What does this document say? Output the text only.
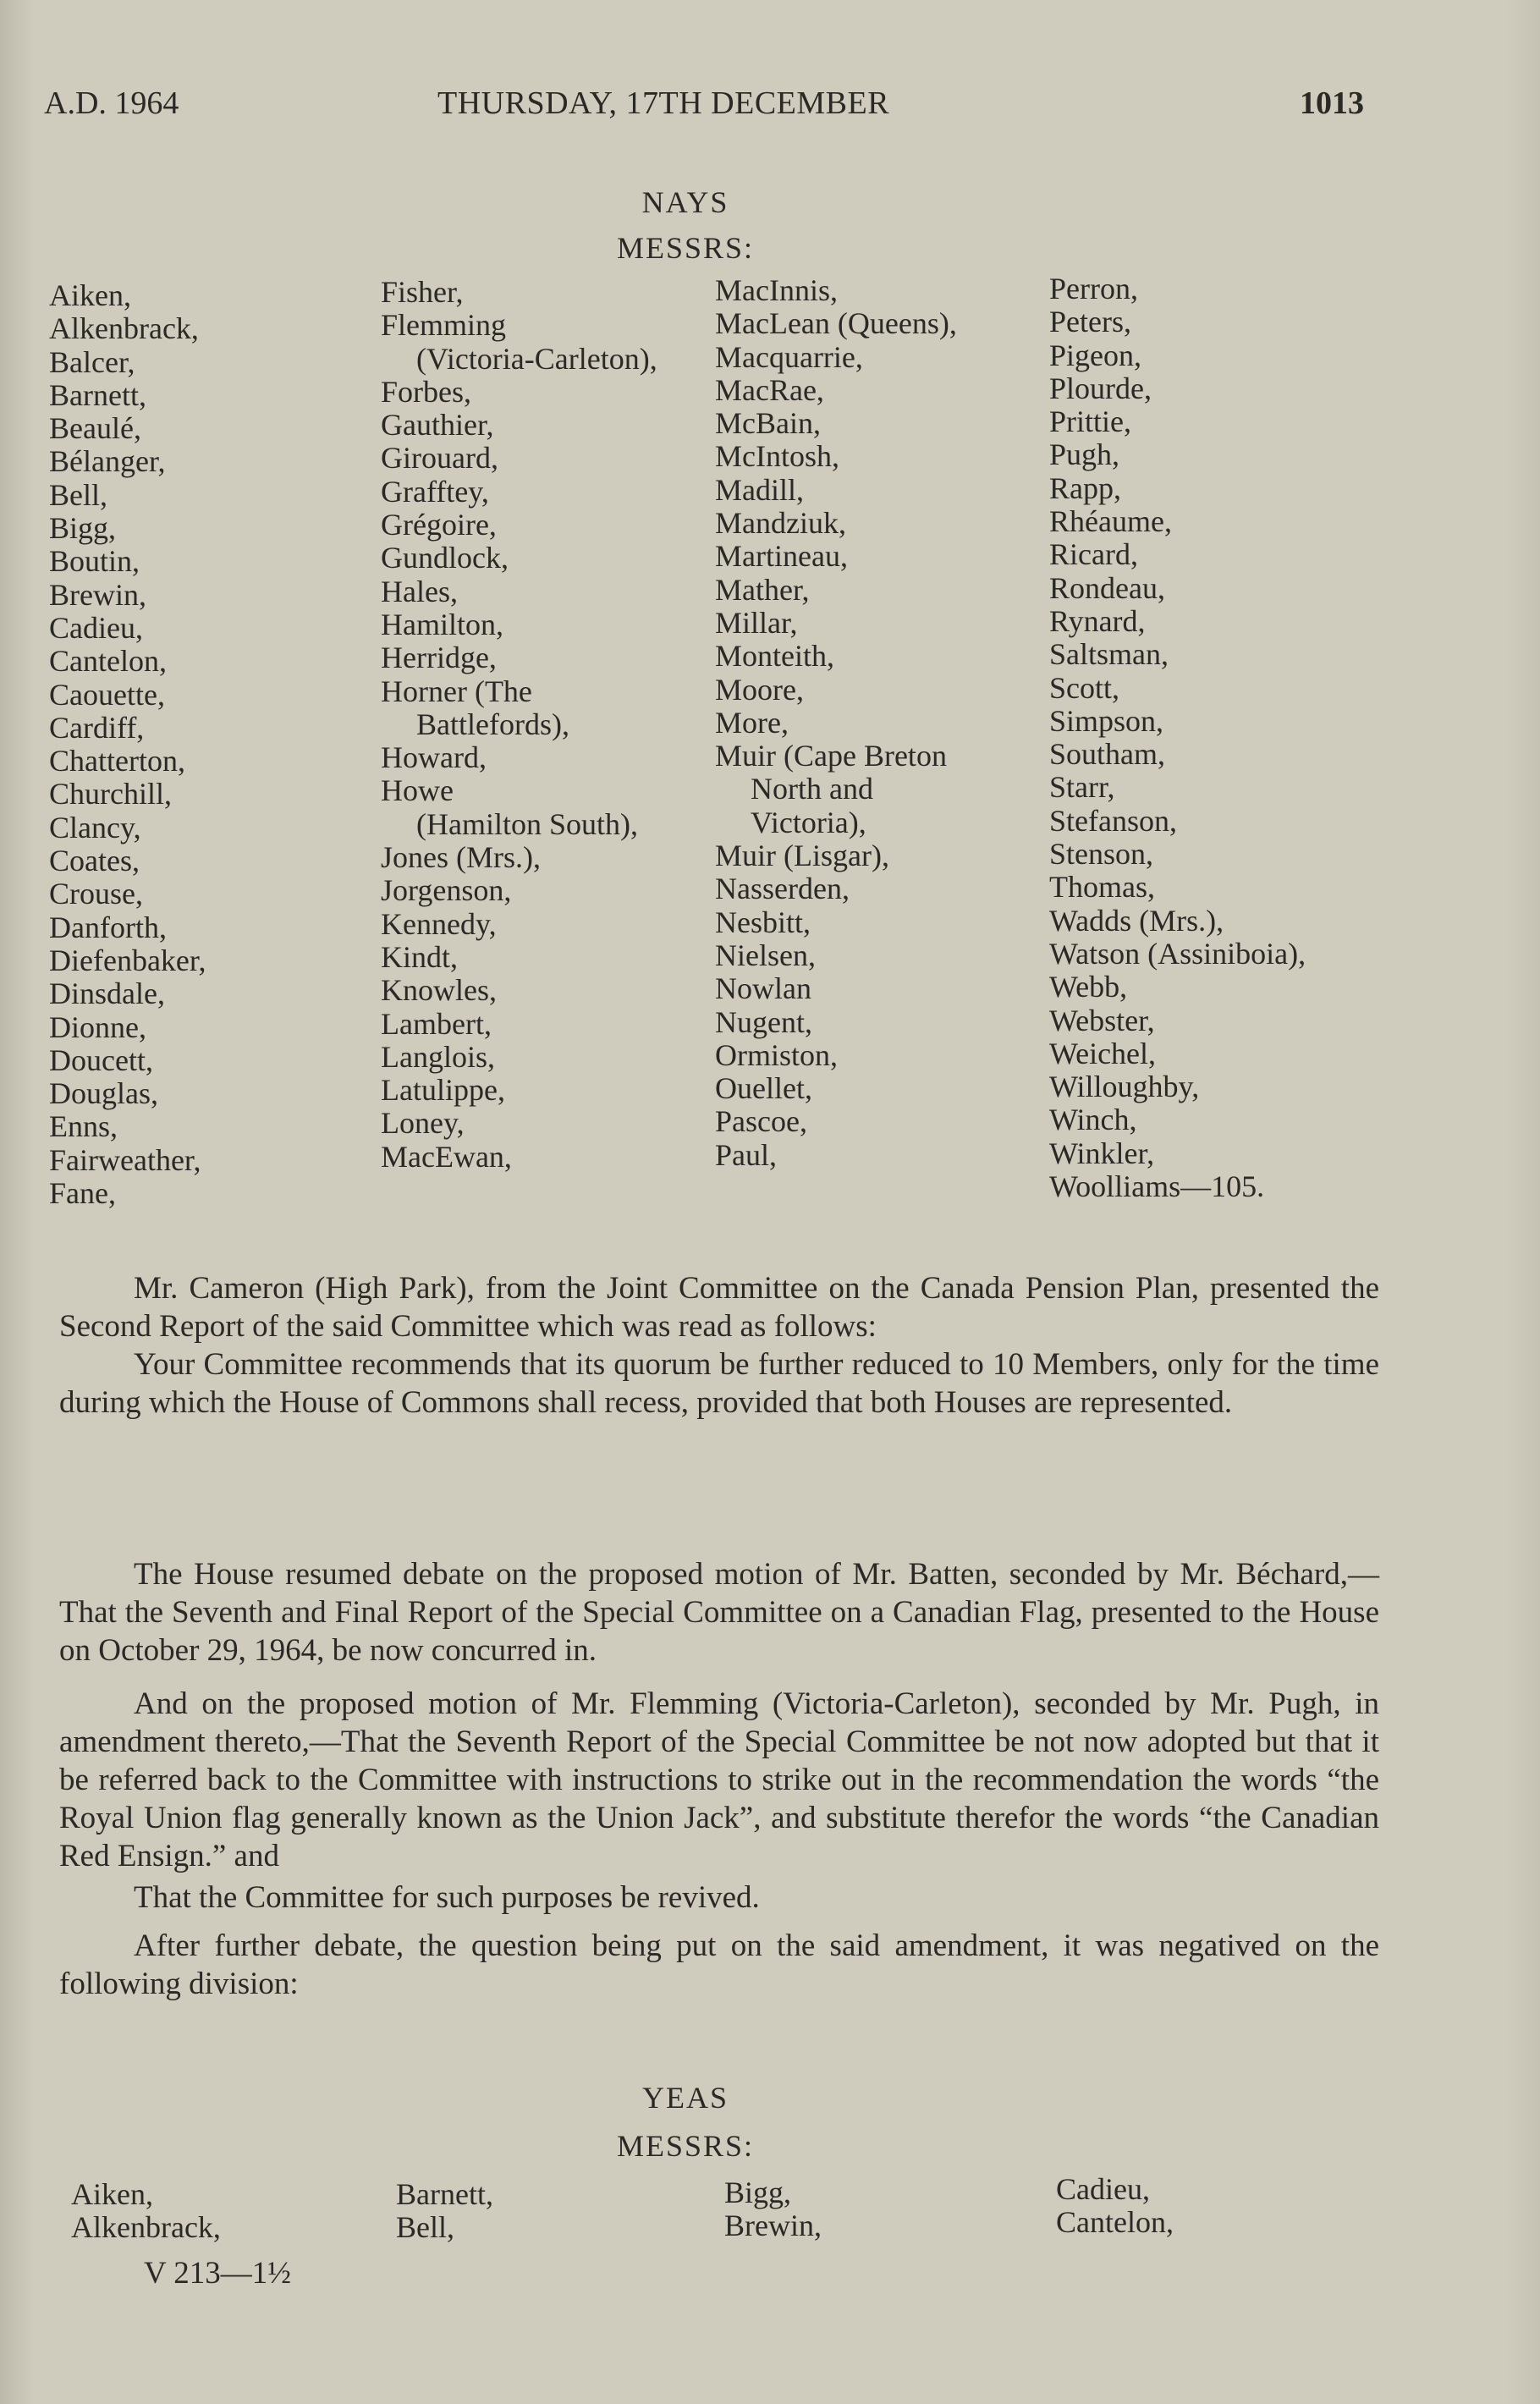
A.D. 1964	THURSDAY, 17TH DECEMBER	1013
NAYS
MESSRS:
Aiken,
Alkenbrack,
Balcer,
Barnett,
Beaulé,
Bélanger,
Bell,
Bigg,
Boutin,
Brewin,
Cadieu,
Cantelon,
Caouette,
Cardiff,
Chatterton,
Churchill,
Clancy,
Coates,
Crouse,
Danforth,
Diefenbaker,
Dinsdale,
Dionne,
Doucett,
Douglas,
Enns,
Fairweather,
Fane,
Fisher,
Flemming
(Victoria-Carleton),
Forbes,
Gauthier,
Girouard,
Grafftey,
Grégoire,
Gundlock,
Hales,
Hamilton,
Herridge,
Horner (The
Battlefords),
Howard,
Howe
(Hamilton South),
Jones (Mrs.),
Jorgenson,
Kennedy,
Kindt,
Knowles,
Lambert,
Langlois,
Latulippe,
Loney,
MacEwan,
MacInnis,
MacLean (Queens),
Macquarrie,
MacRae,
McBain,
McIntosh,
Madill,
Mandziuk,
Martineau,
Mather,
Millar,
Monteith,
Moore,
More,
Muir (Cape Breton
North and
Victoria),
Muir (Lisgar),
Nasserden,
Nesbitt,
Nielsen,
Nowlan
Nugent,
Ormiston,
Ouellet,
Pascoe,
Paul,
Perron,
Peters,
Pigeon,
Plourde,
Prittie,
Pugh,
Rapp,
Rhéaume,
Ricard,
Rondeau,
Rynard,
Saltsman,
Scott,
Simpson,
Southam,
Starr,
Stefanson,
Stenson,
Thomas,
Wadds (Mrs.),
Watson (Assiniboia),
Webb,
Webster,
Weichel,
Willoughby,
Winch,
Winkler,
Woolliams—105.

Mr. Cameron (High Park), from the Joint Committee on the Canada Pension Plan, presented the Second Report of the said Committee which was read as follows:

Your Committee recommends that its quorum be further reduced to 10 Members, only for the time during which the House of Commons shall recess, provided that both Houses are represented.

The House resumed debate on the proposed motion of Mr. Batten, seconded by Mr. Béchard,—That the Seventh and Final Report of the Special Committee on a Canadian Flag, presented to the House on October 29, 1964, be now concurred in.

And on the proposed motion of Mr. Flemming (Victoria-Carleton), seconded by Mr. Pugh, in amendment thereto,—That the Seventh Report of the Special Committee be not now adopted but that it be referred back to the Committee with instructions to strike out in the recommendation the words “the Royal Union flag generally known as the Union Jack”, and substitute therefor the words “the Canadian Red Ensign.” and

That the Committee for such purposes be revived.

After further debate, the question being put on the said amendment, it was negatived on the following division:

YEAS
MESSRS:
Aiken,
Alkenbrack,
Barnett,
Bell,
Bigg,
Brewin,
Cadieu,
Cantelon,
V 213—1½
